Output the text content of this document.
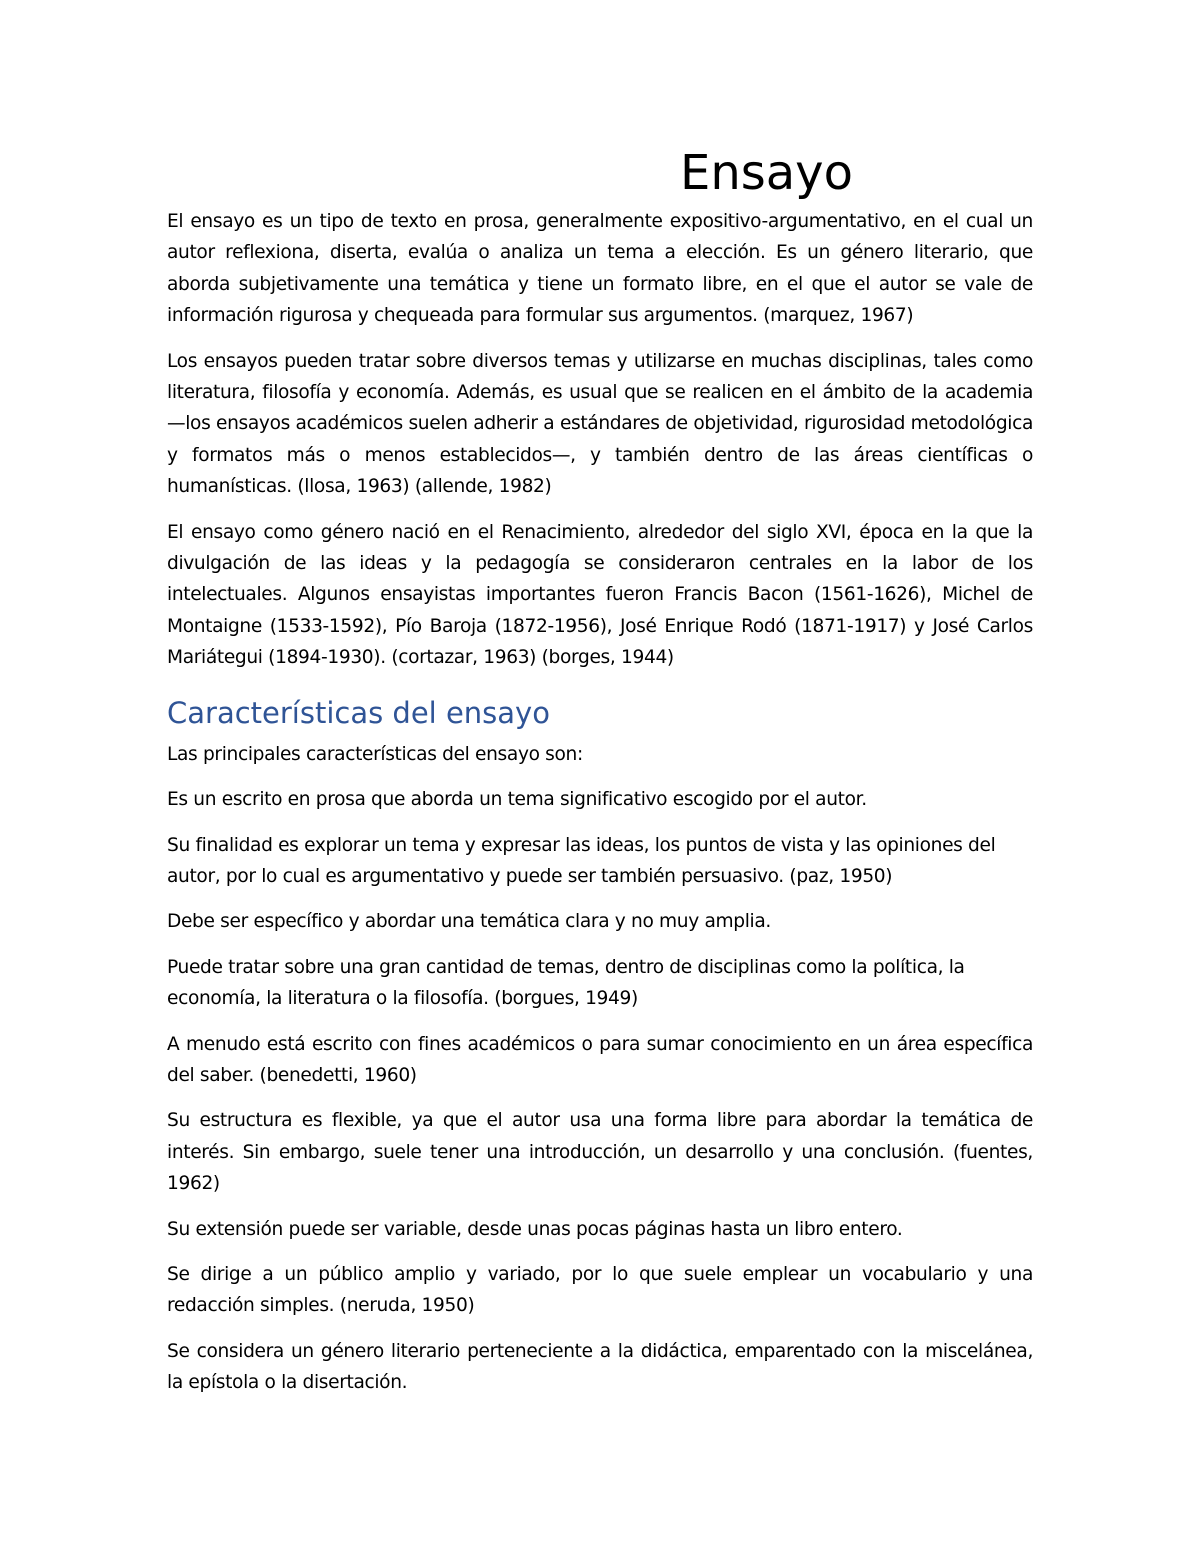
Ensayo

El ensayo es un tipo de texto en prosa, generalmente expositivo-argumentativo, en el cual un autor reflexiona, diserta, evalúa o analiza un tema a elección. Es un género literario, que aborda subjetivamente una temática y tiene un formato libre, en el que el autor se vale de información rigurosa y chequeada para formular sus argumentos. (marquez, 1967)

Los ensayos pueden tratar sobre diversos temas y utilizarse en muchas disciplinas, tales como literatura, filosofía y economía. Además, es usual que se realicen en el ámbito de la academia —los ensayos académicos suelen adherir a estándares de objetividad, rigurosidad metodológica y formatos más o menos establecidos—, y también dentro de las áreas científicas o humanísticas. (llosa, 1963) (allende, 1982)

El ensayo como género nació en el Renacimiento, alrededor del siglo XVI, época en la que la divulgación de las ideas y la pedagogía se consideraron centrales en la labor de los intelectuales. Algunos ensayistas importantes fueron Francis Bacon (1561-1626), Michel de Montaigne (1533-1592), Pío Baroja (1872-1956), José Enrique Rodó (1871-1917) y José Carlos Mariátegui (1894-1930). (cortazar, 1963) (borges, 1944)

Características del ensayo

Las principales características del ensayo son:

Es un escrito en prosa que aborda un tema significativo escogido por el autor.

Su finalidad es explorar un tema y expresar las ideas, los puntos de vista y las opiniones del autor, por lo cual es argumentativo y puede ser también persuasivo. (paz, 1950)

Debe ser específico y abordar una temática clara y no muy amplia.

Puede tratar sobre una gran cantidad de temas, dentro de disciplinas como la política, la economía, la literatura o la filosofía. (borgues, 1949)

A menudo está escrito con fines académicos o para sumar conocimiento en un área específica del saber. (benedetti, 1960)

Su estructura es flexible, ya que el autor usa una forma libre para abordar la temática de interés. Sin embargo, suele tener una introducción, un desarrollo y una conclusión. (fuentes, 1962)

Su extensión puede ser variable, desde unas pocas páginas hasta un libro entero.

Se dirige a un público amplio y variado, por lo que suele emplear un vocabulario y una redacción simples. (neruda, 1950)

Se considera un género literario perteneciente a la didáctica, emparentado con la miscelánea, la epístola o la disertación.
